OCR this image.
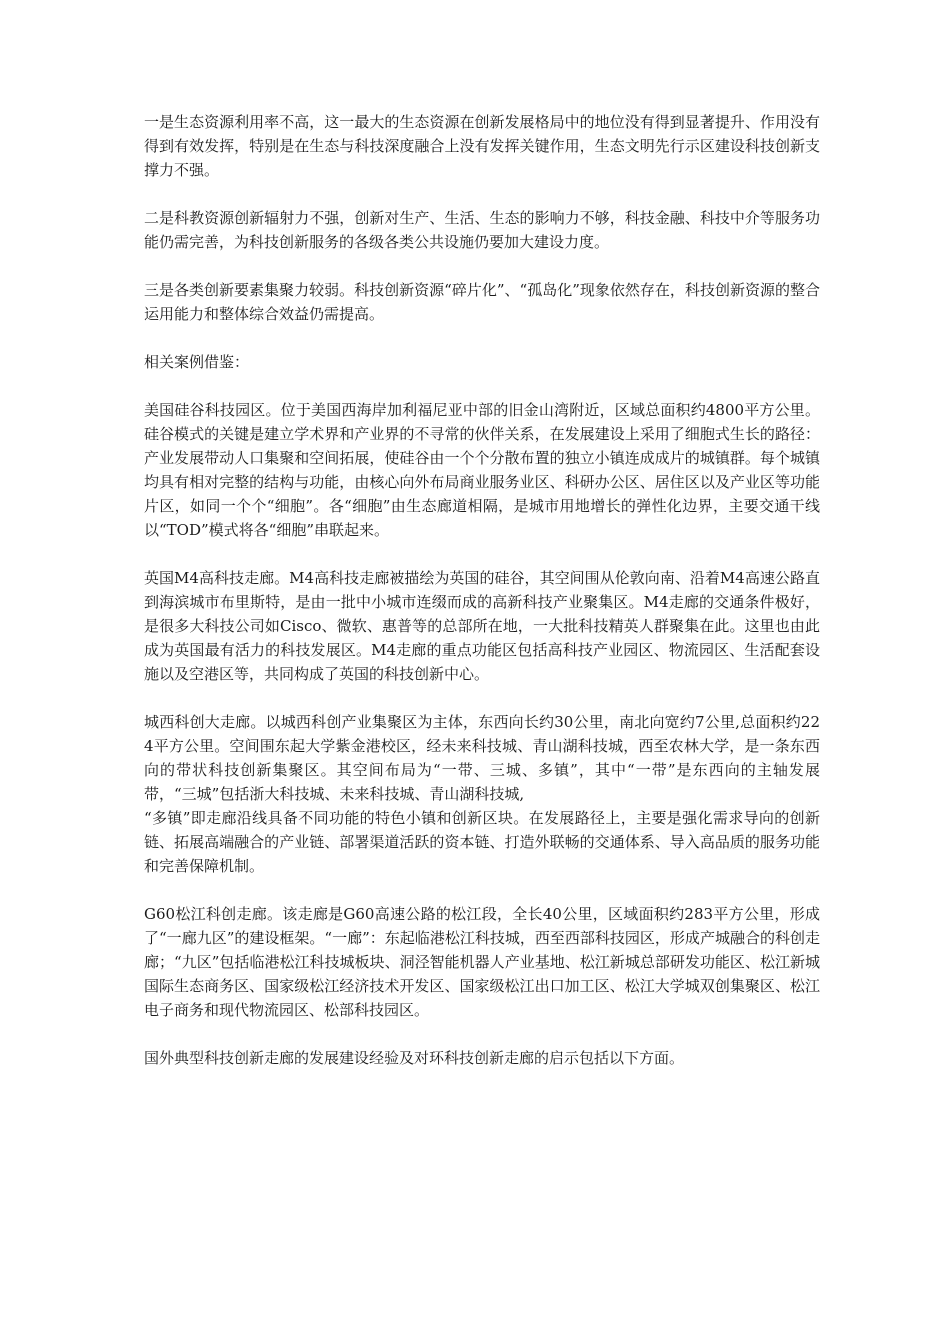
一是生态资源利用率不高，这一最大的生态资源在创新发展格局中的地位没有得到显著提升、作用没有得到有效发挥，特别是在生态与科技深度融合上没有发挥关键作用，生态文明先行示区建设科技创新支撑力不强。

二是科教资源创新辐射力不强，创新对生产、生活、生态的影响力不够，科技金融、科技中介等服务功能仍需完善，为科技创新服务的各级各类公共设施仍要加大建设力度。

三是各类创新要素集聚力较弱。科技创新资源“碎片化”、“孤岛化”现象依然存在，科技创新资源的整合运用能力和整体综合效益仍需提高。

相关案例借鉴：

美国硅谷科技园区。位于美国西海岸加利福尼亚中部的旧金山湾附近，区域总面积约4800平方公里。硅谷模式的关键是建立学术界和产业界的不寻常的伙伴关系，在发展建设上采用了细胞式生长的路径：产业发展带动人口集聚和空间拓展，使硅谷由一个个分散布置的独立小镇连成成片的城镇群。每个城镇均具有相对完整的结构与功能，由核心向外布局商业服务业区、科研办公区、居住区以及产业区等功能片区，如同一个个“细胞”。各“细胞”由生态廊道相隔，是城市用地增长的弹性化边界，主要交通干线以“TOD”模式将各“细胞”串联起来。

英国M4高科技走廊。M4高科技走廊被描绘为英国的硅谷，其空间围从伦敦向南、沿着M4高速公路直到海滨城市布里斯特，是由一批中小城市连缀而成的高新科技产业聚集区。M4走廊的交通条件极好，是很多大科技公司如Cisco、微软、惠普等的总部所在地，一大批科技精英人群聚集在此。这里也由此成为英国最有活力的科技发展区。M4走廊的重点功能区包括高科技产业园区、物流园区、生活配套设施以及空港区等，共同构成了英国的科技创新中心。

城西科创大走廊。以城西科创产业集聚区为主体，东西向长约30公里，南北向宽约7公里,总面积约224平方公里。空间围东起大学紫金港校区，经未来科技城、青山湖科技城，西至农林大学，是一条东西向的带状科技创新集聚区。其空间布局为“一带、三城、多镇”，其中“一带”是东西向的主轴发展带，“三城”包括浙大科技城、未来科技城、青山湖科技城,

“多镇”即走廊沿线具备不同功能的特色小镇和创新区块。在发展路径上，主要是强化需求导向的创新链、拓展高端融合的产业链、部署渠道活跃的资本链、打造外联畅的交通体系、导入高品质的服务功能和完善保障机制。

G60松江科创走廊。该走廊是G60高速公路的松江段，全长40公里，区域面积约283平方公里，形成了“一廊九区”的建设框架。“一廊”：东起临港松江科技城，西至西部科技园区，形成产城融合的科创走廊；“九区”包括临港松江科技城板块、洞泾智能机器人产业基地、松江新城总部研发功能区、松江新城国际生态商务区、国家级松江经济技术开发区、国家级松江出口加工区、松江大学城双创集聚区、松江电子商务和现代物流园区、松部科技园区。

国外典型科技创新走廊的发展建设经验及对环科技创新走廊的启示包括以下方面。
